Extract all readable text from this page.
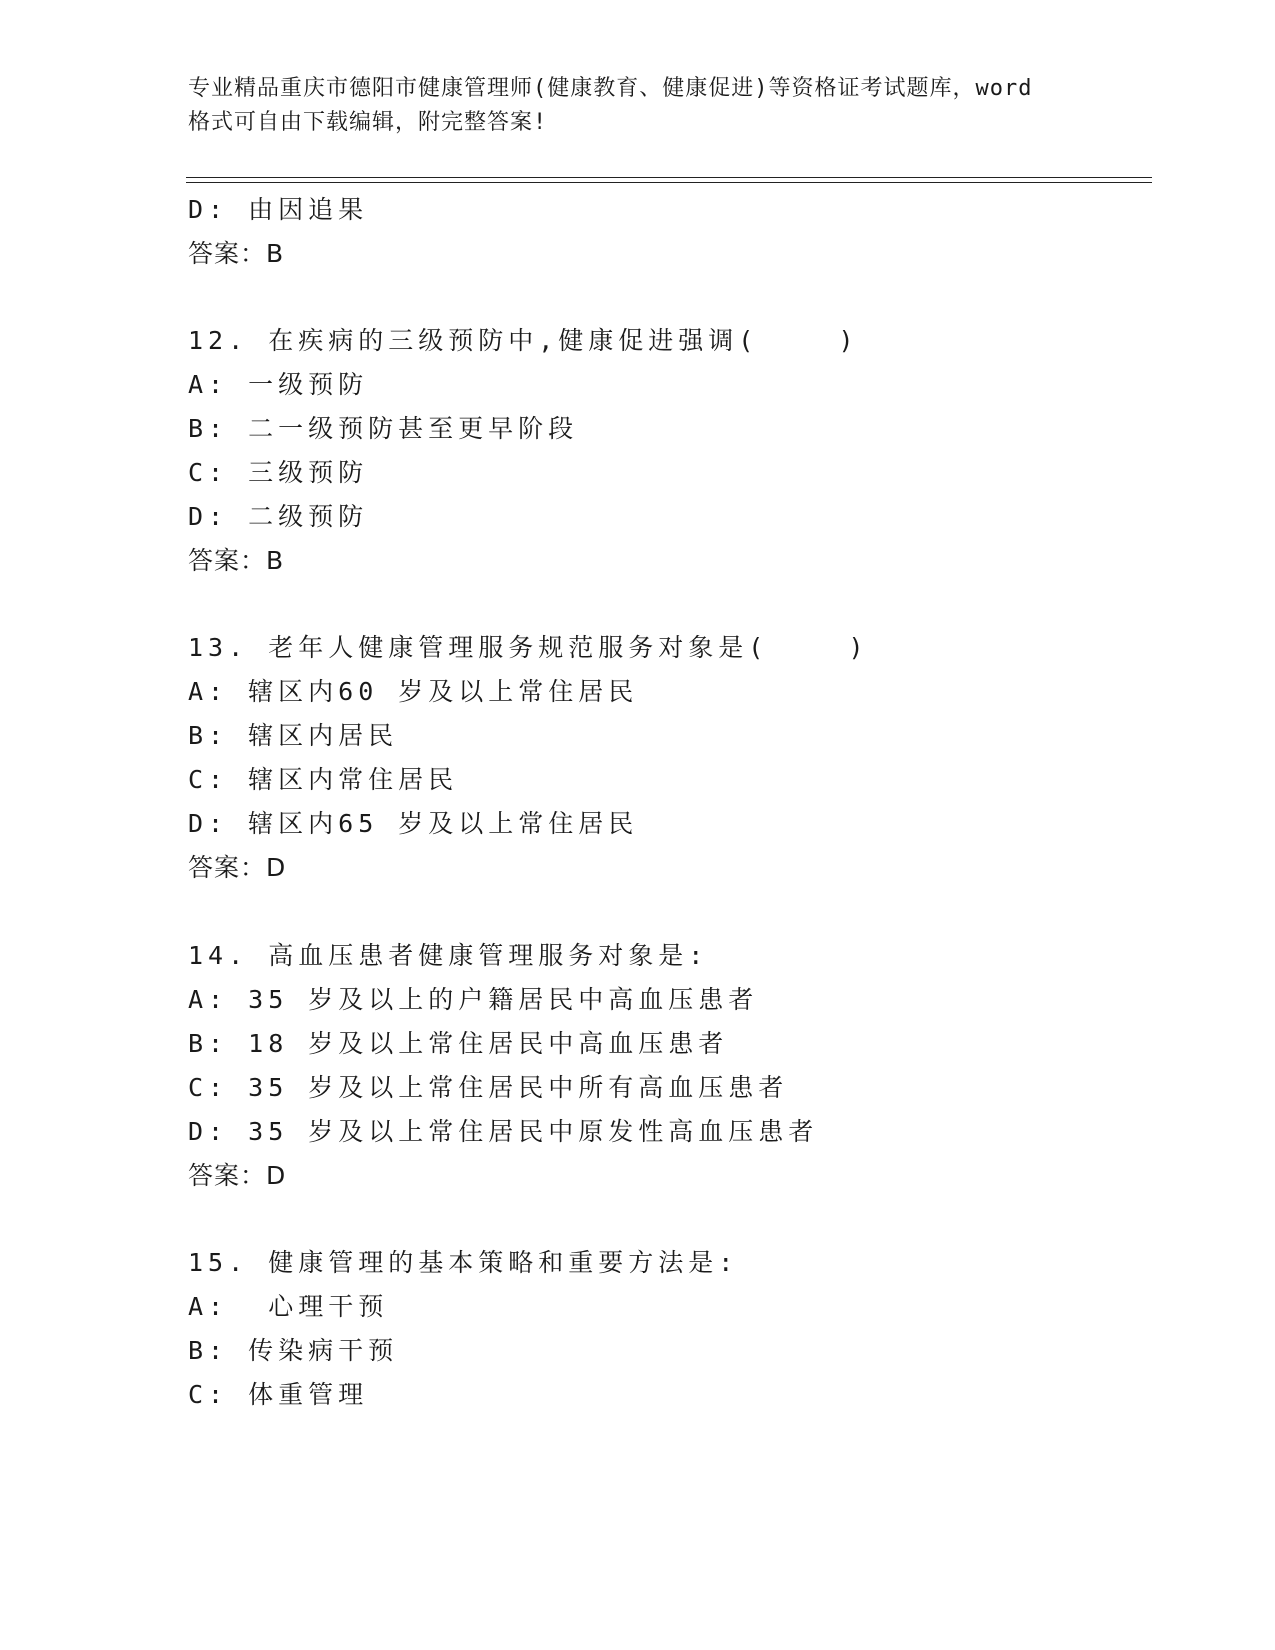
专业精品重庆市德阳市健康管理师(健康教育、健康促进)等资格证考试题库，word
格式可自由下载编辑，附完整答案!
D: 由因追果
答案：B
12. 在疾病的三级预防中,健康促进强调(    )
A: 一级预防
B: 二一级预防甚至更早阶段
C: 三级预防
D: 二级预防
答案：B
13. 老年人健康管理服务规范服务对象是(    )
A: 辖区内60 岁及以上常住居民
B: 辖区内居民
C: 辖区内常住居民
D: 辖区内65 岁及以上常住居民
答案：D
14. 高血压患者健康管理服务对象是:
A: 35 岁及以上的户籍居民中高血压患者
B: 18 岁及以上常住居民中高血压患者
C: 35 岁及以上常住居民中所有高血压患者
D: 35 岁及以上常住居民中原发性高血压患者
答案：D
15. 健康管理的基本策略和重要方法是:
A:  心理干预
B: 传染病干预
C: 体重管理
